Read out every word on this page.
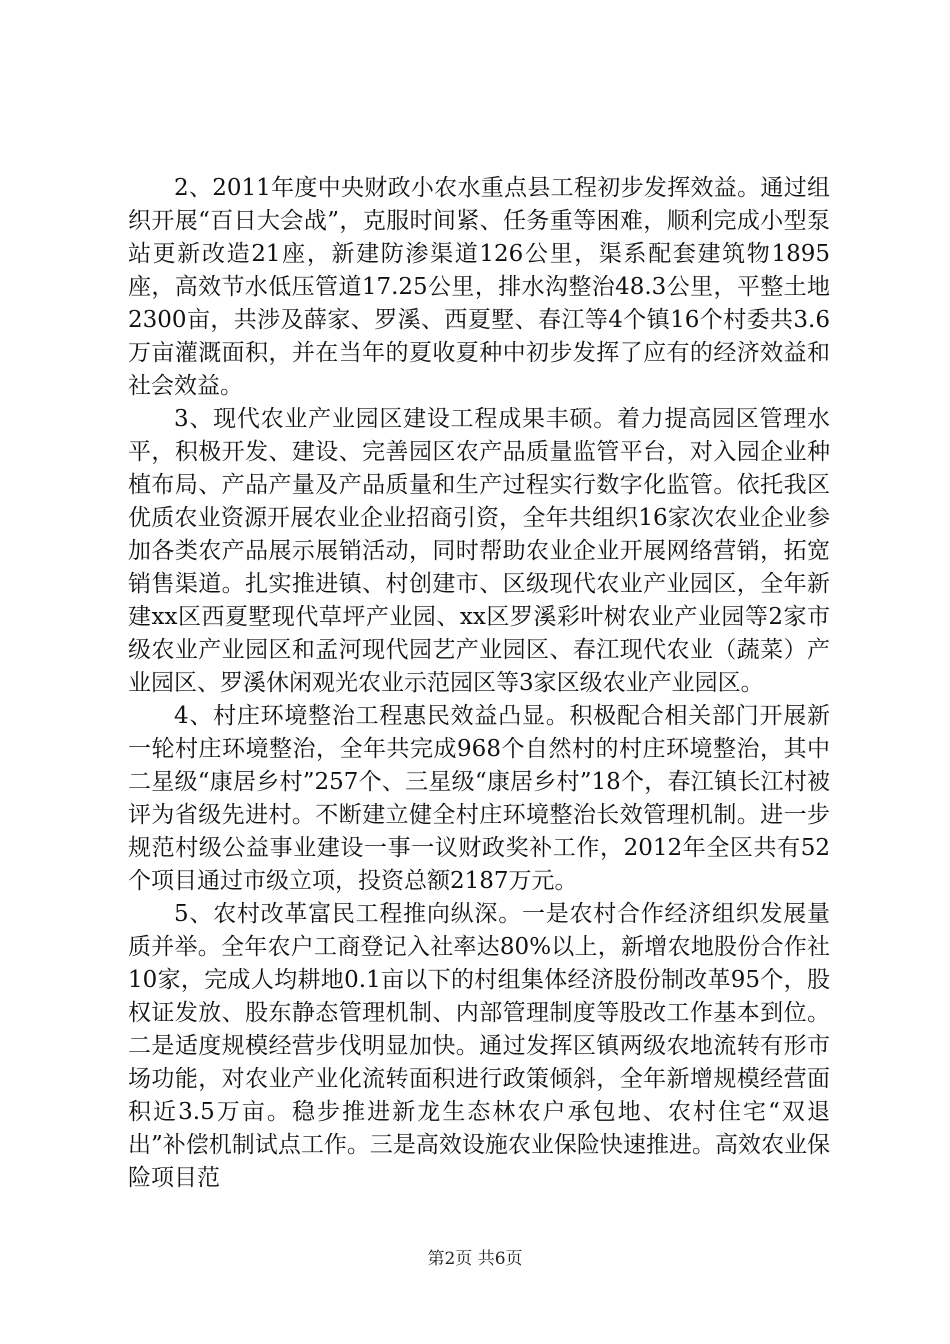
2、2011年度中央财政小农水重点县工程初步发挥效益。通过组织开展“百日大会战”，克服时间紧、任务重等困难，顺利完成小型泵站更新改造21座，新建防渗渠道126公里，渠系配套建筑物1895座，高效节水低压管道17.25公里，排水沟整治48.3公里，平整土地2300亩，共涉及薛家、罗溪、西夏墅、春江等4个镇16个村委共3.6万亩灌溉面积，并在当年的夏收夏种中初步发挥了应有的经济效益和社会效益。

3、现代农业产业园区建设工程成果丰硕。着力提高园区管理水平，积极开发、建设、完善园区农产品质量监管平台，对入园企业种植布局、产品产量及产品质量和生产过程实行数字化监管。依托我区优质农业资源开展农业企业招商引资，全年共组织16家次农业企业参加各类农产品展示展销活动，同时帮助农业企业开展网络营销，拓宽销售渠道。扎实推进镇、村创建市、区级现代农业产业园区，全年新建xx区西夏墅现代草坪产业园、xx区罗溪彩叶树农业产业园等2家市级农业产业园区和孟河现代园艺产业园区、春江现代农业（蔬菜）产业园区、罗溪休闲观光农业示范园区等3家区级农业产业园区。

4、村庄环境整治工程惠民效益凸显。积极配合相关部门开展新一轮村庄环境整治，全年共完成968个自然村的村庄环境整治，其中二星级“康居乡村”257个、三星级“康居乡村”18个，春江镇长江村被评为省级先进村。不断建立健全村庄环境整治长效管理机制。进一步规范村级公益事业建设一事一议财政奖补工作，2012年全区共有52个项目通过市级立项，投资总额2187万元。

5、农村改革富民工程推向纵深。一是农村合作经济组织发展量质并举。全年农户工商登记入社率达80%以上，新增农地股份合作社10家，完成人均耕地0.1亩以下的村组集体经济股份制改革95个，股权证发放、股东静态管理机制、内部管理制度等股改工作基本到位。二是适度规模经营步伐明显加快。通过发挥区镇两级农地流转有形市场功能，对农业产业化流转面积进行政策倾斜，全年新增规模经营面积近3.5万亩。稳步推进新龙生态林农户承包地、农村住宅“双退出”补偿机制试点工作。三是高效设施农业保险快速推进。高效农业保险项目范

第2页 共6页
